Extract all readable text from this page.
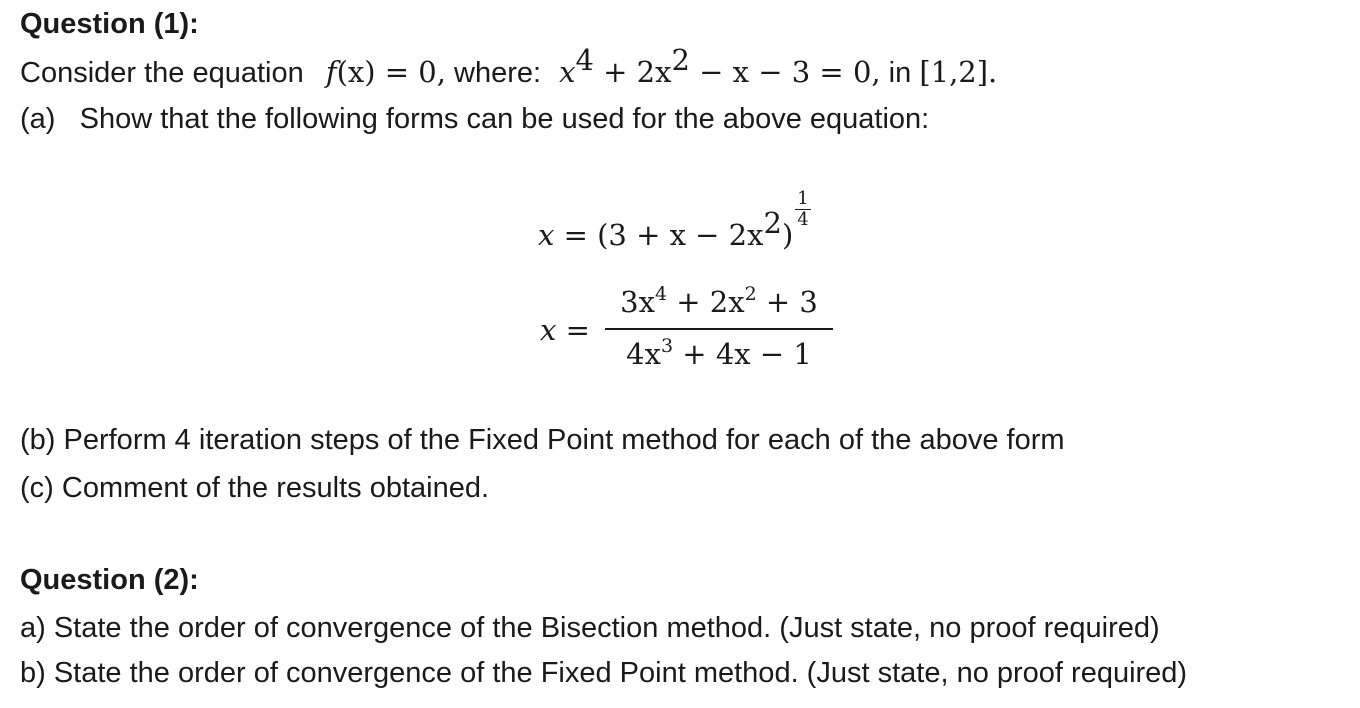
Question (1):
Consider the equation f(x) = 0, where: $x^4 + 2x^2 - x - 3 = 0$, in [1,2].
(a)   Show that the following forms can be used for the above equation:
$x = (3 + x - 2x^2)$
$\frac{1}{4}$
$x = \frac{3x^4 + 2x^2 + 3}{4x^3 + 4x - 1}$
(b) Perform 4 iteration steps of the Fixed Point method for each of the above form
(c) Comment of the results obtained.
Question (2):
a) State the order of convergence of the Bisection method. (Just state, no proof required)
b) State the order of convergence of the Fixed Point method. (Just state, no proof required)
